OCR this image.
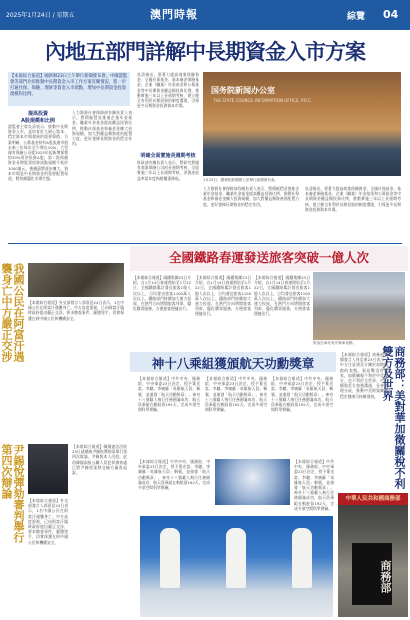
2025年1月24日 / 星期五	澳門時報	綜覽 04
內地五部門詳解中長期資金入市方案
【本報綜合報道】國新辦23日上午舉行新聞發布會，中國證監會等部門介紹推動中長期資金入市工作方案有關情況，進一步打通社保、保險、理財等資金入市堵點，增加中長期資金投資規模和比例。
提高投資
A股規模和比例
證監會主席吳清表示，推動中長期資金入市，是培育壯大耐心資本、穩定資本市場發展的重要舉措。方案明確，公募基金持有A股流通市值未來三年每年至少增長10%；大型國有保險公司從2025年起新增保費的30%用於投資A股；第二批保險資金長期股票投資試點規模不低於1000億元，後續還將逐步擴大。資本市場是中長期資金的重要配置渠道，將持續優化市場生態。
人力資源社會保障部有關負責人表示，將積極穩妥推進企業年金基金、職業年金基金提高權益投資比例，推動社保基金和養老金擴大投資規模，加大對權益類資產的配置力度，更好發揮長期資金的穩定作用。
吳清指出，要著力提高商業保險資金、全國社保基金、基本養老保險基金、企業（職業）年金基金和公募基金等中長期資金權益類投資比例，推動實施三年以上長週期考核，建立健全有利於長期投資的制度環境，引導更多長期資金投資資本市場。
明確全面實施長週期考核
財政部有關負責人表示，將研究對國有商業保險公司的長週期考核，全面實施三年以上長週期考核，淨資產收益率當年度指標權重降低。
国务院新闻办公室
THE STATE COUNCIL INFORMATION OFFICE, P.R.C.
1月23日，國務院新聞辦公室舉行新聞發布會。
人力資源社會保障部有關負責人表示，將積極穩妥推進企業年金基金、職業年金基金提高權益投資比例，推動社保基金和養老金擴大投資規模，加大對權益類資產的配置力度，更好發揮長期資金的穩定作用。
吳清指出，要著力提高商業保險資金、全國社保基金、基本養老保險基金、企業（職業）年金基金和公募基金等中長期資金權益類投資比例，推動實施三年以上長週期考核，建立健全有利於長期投資的制度環境，引導更多長期資金投資資本市場。
我國公民在阿富汗遇襲身亡中方嚴正交涉	【本報綜合報道】外交部發言人郭嘉昆24日表示，1名中國公民在阿富汗遇襲身亡。中方高度重視，已向阿富汗臨時政府提出嚴正交涉，要求徹查事件，嚴懲兇手，切實保護在阿中國公民和機構安全。
尹錫悅彈劾審判舉行第四次辯論	【本報綜合報道】韓國憲法法院23日就總統尹錫悅彈劾案舉行第四次辯論，尹錫悅本人出庭。此前韓國高級公職人員犯罪調查處已將尹錫悅案移交檢方審查起訴。
【本報綜合報道】外交部發言人郭嘉昆24日表示，1名中國公民在阿富汗遇襲身亡。中方高度重視，已向阿富汗臨時政府提出嚴正交涉，要求徹查事件，嚴懲兇手，切實保護在阿中國公民和機構安全。
全國鐵路春運發送旅客突破一億人次
【本報綜合報道】國鐵集團23日介紹，自1月14日春運開始至1月22日，全國鐵路累計發送旅客1億人次以上，日均發送旅客1100萬人次以上。鐵路部門持續加大運力投放，在熱門方向增開旅客列車，優化購票服務，方便旅客便捷出行。
【本報綜合報道】國鐵集團23日介紹，自1月14日春運開始至1月22日，全國鐵路累計發送旅客1億人次以上，日均發送旅客1100萬人次以上。鐵路部門持續加大運力投放，在熱門方向增開旅客列車，優化購票服務，方便旅客便捷出行。
【本報綜合報道】國鐵集團23日介紹，自1月14日春運開始至1月22日，全國鐵路累計發送旅客1億人次以上，日均發送旅客1100萬人次以上。鐵路部門持續加大運力投放，在熱門方向增開旅客列車，優化購票服務，方便旅客便捷出行。
旅客在車站有序乘車返鄉。
神十八乘組獲頒航天功勳獎章
【本報綜合報道】中共中央、國務院、中央軍委23日決定，授予葉光富、李聰、李廣蘇「英雄航天員」稱號，並頒發「航天功勳獎章」。神舟十八號載人飛行任務圓滿成功，航天員乘組在軌駐留192天，完成多項空間科學實驗。
【本報綜合報道】中共中央、國務院、中央軍委23日決定，授予葉光富、李聰、李廣蘇「英雄航天員」稱號，並頒發「航天功勳獎章」。神舟十八號載人飛行任務圓滿成功，航天員乘組在軌駐留192天，完成多項空間科學實驗。
【本報綜合報道】中共中央、國務院、中央軍委23日決定，授予葉光富、李聰、李廣蘇「英雄航天員」稱號，並頒發「航天功勳獎章」。神舟十八號載人飛行任務圓滿成功，航天員乘組在軌駐留192天，完成多項空間科學實驗。
【本報綜合報道】中共中央、國務院、中央軍委23日決定，授予葉光富、李聰、李廣蘇「英雄航天員」稱號，並頒發「航天功勳獎章」。神舟十八號載人飛行任務圓滿成功，航天員乘組在軌駐留192天，完成多項空間科學實驗。
【本報綜合報道】中共中央、國務院、中央軍委23日決定，授予葉光富、李聰、李廣蘇「英雄航天員」稱號，並頒發「航天功勳獎章」。神舟十八號載人飛行任務圓滿成功，航天員乘組在軌駐留192天，完成多項空間科學實驗。
商務部：美對華加徵關稅不利雙方及世界
【本報綜合報道】商務部新聞發言人何亞東23日表示，中方注意到美方關於加徵關稅的表態。貿易戰沒有贏家，加徵關稅不利於中美雙方，也不利於全世界。中方願與美方加強溝通，妥善處理分歧，推動中美經貿關係穩定健康可持續發展。
中華人民共和國商務部
商務部
